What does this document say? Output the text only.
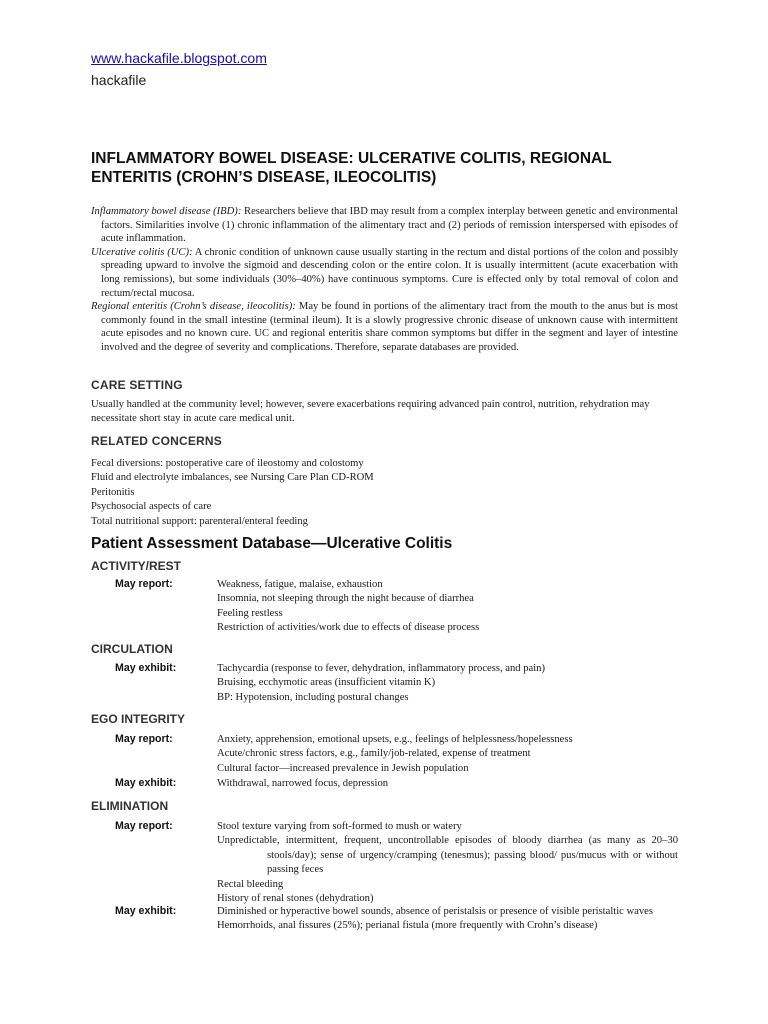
www.hackafile.blogspot.com
hackafile
INFLAMMATORY BOWEL DISEASE: ULCERATIVE COLITIS, REGIONAL ENTERITIS (CROHN’S DISEASE, ILEOCOLITIS)

Inflammatory bowel disease (IBD): Researchers believe that IBD may result from a complex interplay between genetic and environmental factors. Similarities involve (1) chronic inflammation of the alimentary tract and (2) periods of remission interspersed with episodes of acute inflammation.

Ulcerative colitis (UC): A chronic condition of unknown cause usually starting in the rectum and distal portions of the colon and possibly spreading upward to involve the sigmoid and descending colon or the entire colon. It is usually intermittent (acute exacerbation with long remissions), but some individuals (30%–40%) have continuous symptoms. Cure is effected only by total removal of colon and rectum/rectal mucosa.

Regional enteritis (Crohn’s disease, ileocolitis): May be found in portions of the alimentary tract from the mouth to the anus but is most commonly found in the small intestine (terminal ileum). It is a slowly progressive chronic disease of unknown cause with intermittent acute episodes and no known cure. UC and regional enteritis share common symptoms but differ in the segment and layer of intestine involved and the degree of severity and complications. Therefore, separate databases are provided.

CARE SETTING

Usually handled at the community level; however, severe exacerbations requiring advanced pain control, nutrition, rehydration may necessitate short stay in acute care medical unit.

RELATED CONCERNS
Fecal diversions: postoperative care of ileostomy and colostomy
Fluid and electrolyte imbalances, see Nursing Care Plan CD-ROM
Peritonitis
Psychosocial aspects of care
Total nutritional support: parenteral/enteral feeding
Patient Assessment Database—Ulcerative Colitis
ACTIVITY/REST
May report:	Weakness, fatigue, malaise, exhaustion
Insomnia, not sleeping through the night because of diarrhea
Feeling restless
Restriction of activities/work due to effects of disease process
CIRCULATION
May exhibit:	Tachycardia (response to fever, dehydration, inflammatory process, and pain)
Bruising, ecchymotic areas (insufficient vitamin K)
BP: Hypotension, including postural changes
EGO INTEGRITY
May report:	Anxiety, apprehension, emotional upsets, e.g., feelings of helplessness/hopelessness
Acute/chronic stress factors, e.g., family/job-related, expense of treatment
Cultural factor—increased prevalence in Jewish population
May exhibit:	Withdrawal, narrowed focus, depression
ELIMINATION
May report:	Stool texture varying from soft-formed to mush or watery
Unpredictable, intermittent, frequent, uncontrollable episodes of bloody diarrhea (as many as 20–30 stools/day); sense of urgency/cramping (tenesmus); passing blood/ pus/mucus with or without passing feces
Rectal bleeding
History of renal stones (dehydration)
May exhibit:	Diminished or hyperactive bowel sounds, absence of peristalsis or presence of visible peristaltic waves
Hemorrhoids, anal fissures (25%); perianal fistula (more frequently with Crohn’s disease)
